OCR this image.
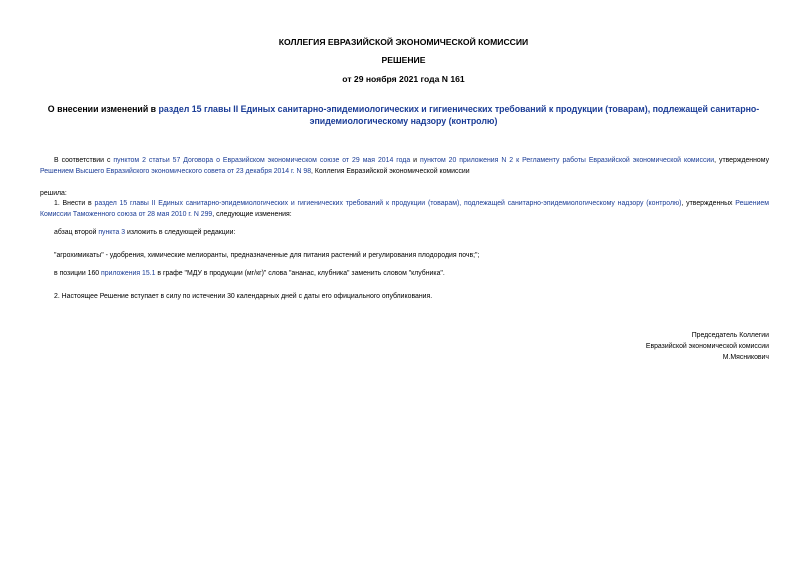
КОЛЛЕГИЯ ЕВРАЗИЙСКОЙ ЭКОНОМИЧЕСКОЙ КОМИССИИ
РЕШЕНИЕ
от 29 ноября 2021 года N 161
О внесении изменений в раздел 15 главы II Единых санитарно-эпидемиологических и гигиенических требований к продукции (товарам), подлежащей санитарно-эпидемиологическому надзору (контролю)
В соответствии с пунктом 2 статьи 57 Договора о Евразийском экономическом союзе от 29 мая 2014 года и пунктом 20 приложения N 2 к Регламенту работы Евразийской экономической комиссии, утвержденному Решением Высшего Евразийского экономического совета от 23 декабря 2014 г. N 98, Коллегия Евразийской экономической комиссии
решила:
1. Внести в раздел 15 главы II Единых санитарно-эпидемиологических и гигиенических требований к продукции (товарам), подлежащей санитарно-эпидемиологическому надзору (контролю), утвержденных Решением Комиссии Таможенного союза от 28 мая 2010 г. N 299, следующие изменения:
абзац второй пункта 3 изложить в следующей редакции:
"агрохимикаты" - удобрения, химические мелиоранты, предназначенные для питания растений и регулирования плодородия почв;";
в позиции 160 приложения 15.1 в графе "МДУ в продукции (мг/кг)" слова "ананас, клубника" заменить словом "клубника".
2. Настоящее Решение вступает в силу по истечении 30 календарных дней с даты его официального опубликования.
Председатель Коллегии
Евразийской экономической комиссии
М.Мясникович
